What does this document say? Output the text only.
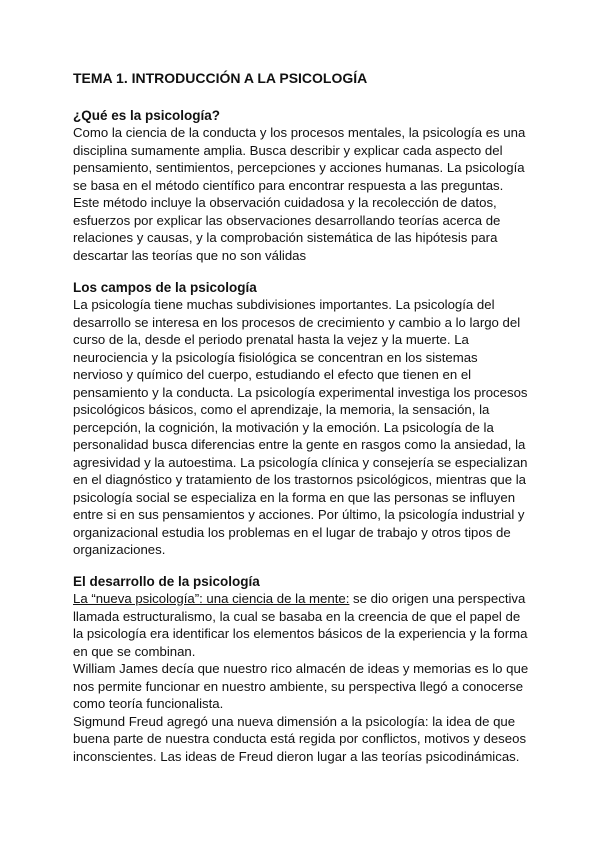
TEMA 1. INTRODUCCIÓN A LA PSICOLOGÍA
¿Qué es la psicología?
Como la ciencia de la conducta y los procesos mentales, la psicología es una
disciplina sumamente amplia. Busca describir y explicar cada aspecto del
pensamiento, sentimientos, percepciones y acciones humanas. La psicología
se basa en el método científico para encontrar respuesta a las preguntas.
Este método incluye la observación cuidadosa y la recolección de datos,
esfuerzos por explicar las observaciones desarrollando teorías acerca de
relaciones y causas, y la comprobación sistemática de las hipótesis para
descartar las teorías que no son válidas
Los campos de la psicología
La psicología tiene muchas subdivisiones importantes. La psicología del
desarrollo se interesa en los procesos de crecimiento y cambio a lo largo del
curso de la, desde el periodo prenatal hasta la vejez y la muerte. La
neurociencia y la psicología fisiológica se concentran en los sistemas
nervioso y químico del cuerpo, estudiando el efecto que tienen en el
pensamiento y la conducta. La psicología experimental investiga los procesos
psicológicos básicos, como el aprendizaje, la memoria, la sensación, la
percepción, la cognición, la motivación y la emoción. La psicología de la
personalidad busca diferencias entre la gente en rasgos como la ansiedad, la
agresividad y la autoestima. La psicología clínica y consejería se especializan
en el diagnóstico y tratamiento de los trastornos psicológicos, mientras que la
psicología social se especializa en la forma en que las personas se influyen
entre si en sus pensamientos y acciones. Por último, la psicología industrial y
organizacional estudia los problemas en el lugar de trabajo y otros tipos de
organizaciones.
El desarrollo de la psicología
La “nueva psicología”: una ciencia de la mente: se dio origen una perspectiva
llamada estructuralismo, la cual se basaba en la creencia de que el papel de
la psicología era identificar los elementos básicos de la experiencia y la forma
en que se combinan.
William James decía que nuestro rico almacén de ideas y memorias es lo que
nos permite funcionar en nuestro ambiente, su perspectiva llegó a conocerse
como teoría funcionalista.
Sigmund Freud agregó una nueva dimensión a la psicología: la idea de que
buena parte de nuestra conducta está regida por conflictos, motivos y deseos
inconscientes. Las ideas de Freud dieron lugar a las teorías psicodinámicas.
